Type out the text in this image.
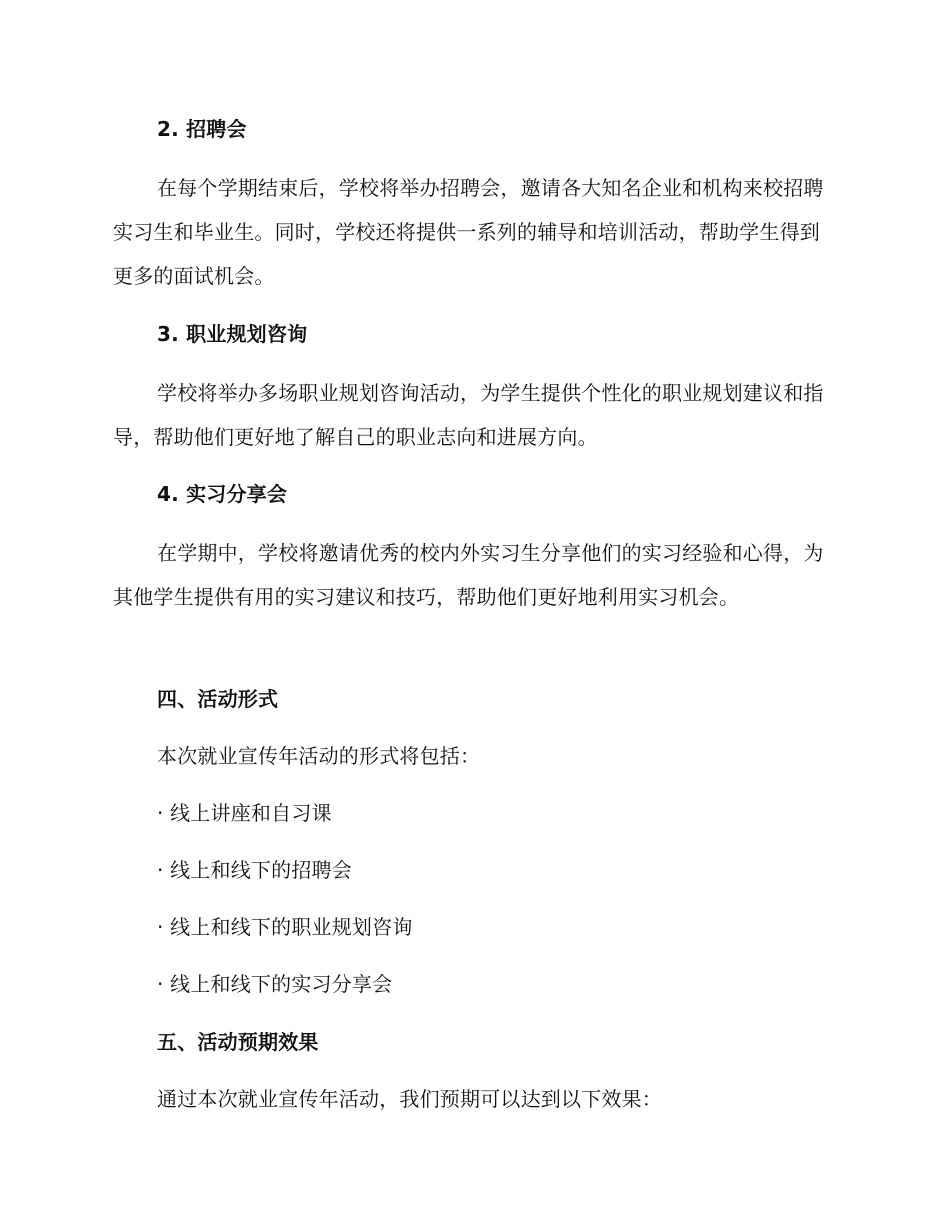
2. 招聘会

在每个学期结束后，学校将举办招聘会，邀请各大知名企业和机构来校招聘实习生和毕业生。同时，学校还将提供一系列的辅导和培训活动，帮助学生得到更多的面试机会。

3. 职业规划咨询

学校将举办多场职业规划咨询活动，为学生提供个性化的职业规划建议和指导，帮助他们更好地了解自己的职业志向和进展方向。

4. 实习分享会

在学期中，学校将邀请优秀的校内外实习生分享他们的实习经验和心得，为其他学生提供有用的实习建议和技巧，帮助他们更好地利用实习机会。

四、活动形式

本次就业宣传年活动的形式将包括：

· 线上讲座和自习课

· 线上和线下的招聘会

· 线上和线下的职业规划咨询

· 线上和线下的实习分享会

五、活动预期效果

通过本次就业宣传年活动，我们预期可以达到以下效果：
